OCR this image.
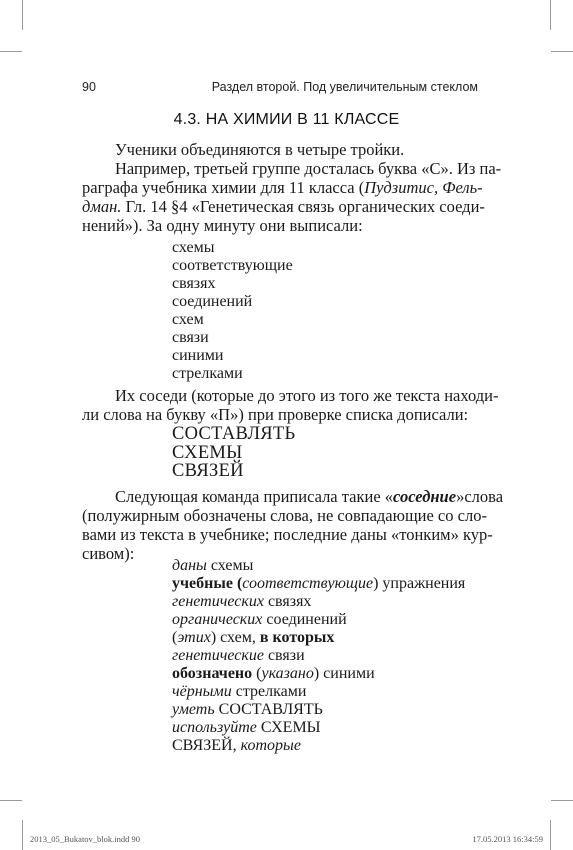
90	Раздел второй. Под увеличительным стеклом
4.3. НА ХИМИИ В 11 КЛАССЕ

Ученики объединяются в четыре тройки.

Например, третьей группе досталась буква «С». Из па-
раграфа учебника химии для 11 класса (Пудзитис, Фель-
дман. Гл. 14 §4 «Генетическая связь органических соеди-
нений»). За одну минуту они выписали:
схемы
соответствующие
связях
соединений
схем
связи
синими
стрелками
Их соседи (которые до этого из того же текста находи-
ли слова на букву «П») при проверке списка дописали:
СОСТАВЛЯТЬ
СХЕМЫ
СВЯЗЕЙ
Следующая команда приписала такие «соседние»слова
(полужирным обозначены слова, не совпадающие со сло-
вами из текста в учебнике; последние даны «тонким» кур-
сивом):
даны схемы
учебные (соответствующие) упражнения
генетических связях
органических соединений
(этих) схем, в которых
генетические связи
обозначено (указано) синими
чёрными стрелками
уметь СОСТАВЛЯТЬ
используйте СХЕМЫ
СВЯЗЕЙ, которые
2013_05_Bukatov_blok.indd 90	17.05.2013 16:34:59
